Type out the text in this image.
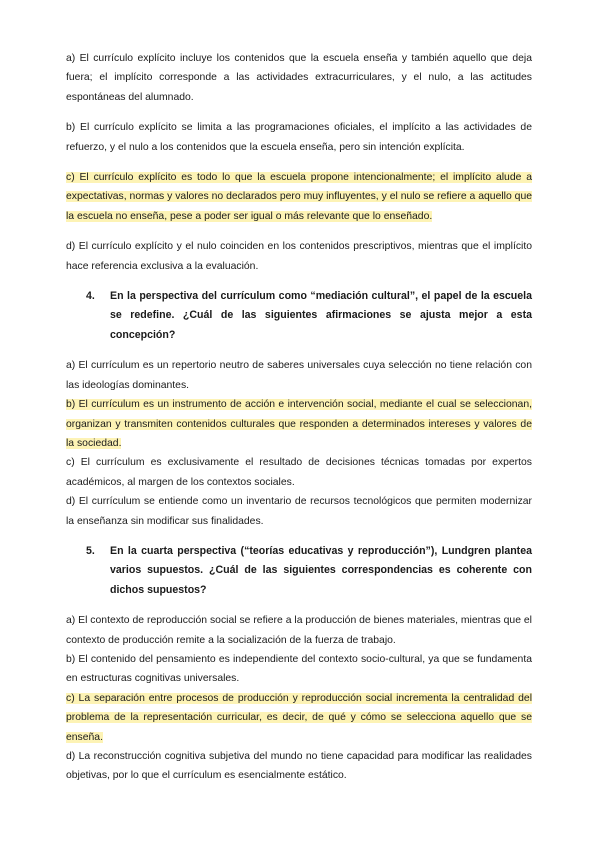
a) El currículo explícito incluye los contenidos que la escuela enseña y también aquello que deja fuera; el implícito corresponde a las actividades extracurriculares, y el nulo, a las actitudes espontáneas del alumnado.

b) El currículo explícito se limita a las programaciones oficiales, el implícito a las actividades de refuerzo, y el nulo a los contenidos que la escuela enseña, pero sin intención explícita.

c) El currículo explícito es todo lo que la escuela propone intencionalmente; el implícito alude a expectativas, normas y valores no declarados pero muy influyentes, y el nulo se refiere a aquello que la escuela no enseña, pese a poder ser igual o más relevante que lo enseñado.

d) El currículo explícito y el nulo coinciden en los contenidos prescriptivos, mientras que el implícito hace referencia exclusiva a la evaluación.

4.	En la perspectiva del currículum como “mediación cultural”, el papel de la escuela se redefine. ¿Cuál de las siguientes afirmaciones se ajusta mejor a esta concepción?

a) El currículum es un repertorio neutro de saberes universales cuya selección no tiene relación con las ideologías dominantes.

b) El currículum es un instrumento de acción e intervención social, mediante el cual se seleccionan, organizan y transmiten contenidos culturales que responden a determinados intereses y valores de la sociedad.

c) El currículum es exclusivamente el resultado de decisiones técnicas tomadas por expertos académicos, al margen de los contextos sociales.

d) El currículum se entiende como un inventario de recursos tecnológicos que permiten modernizar la enseñanza sin modificar sus finalidades.

5.	En la cuarta perspectiva (“teorías educativas y reproducción”), Lundgren plantea varios supuestos. ¿Cuál de las siguientes correspondencias es coherente con dichos supuestos?

a) El contexto de reproducción social se refiere a la producción de bienes materiales, mientras que el contexto de producción remite a la socialización de la fuerza de trabajo.

b) El contenido del pensamiento es independiente del contexto socio-cultural, ya que se fundamenta en estructuras cognitivas universales.

c) La separación entre procesos de producción y reproducción social incrementa la centralidad del problema de la representación curricular, es decir, de qué y cómo se selecciona aquello que se enseña.

d) La reconstrucción cognitiva subjetiva del mundo no tiene capacidad para modificar las realidades objetivas, por lo que el currículum es esencialmente estático.
